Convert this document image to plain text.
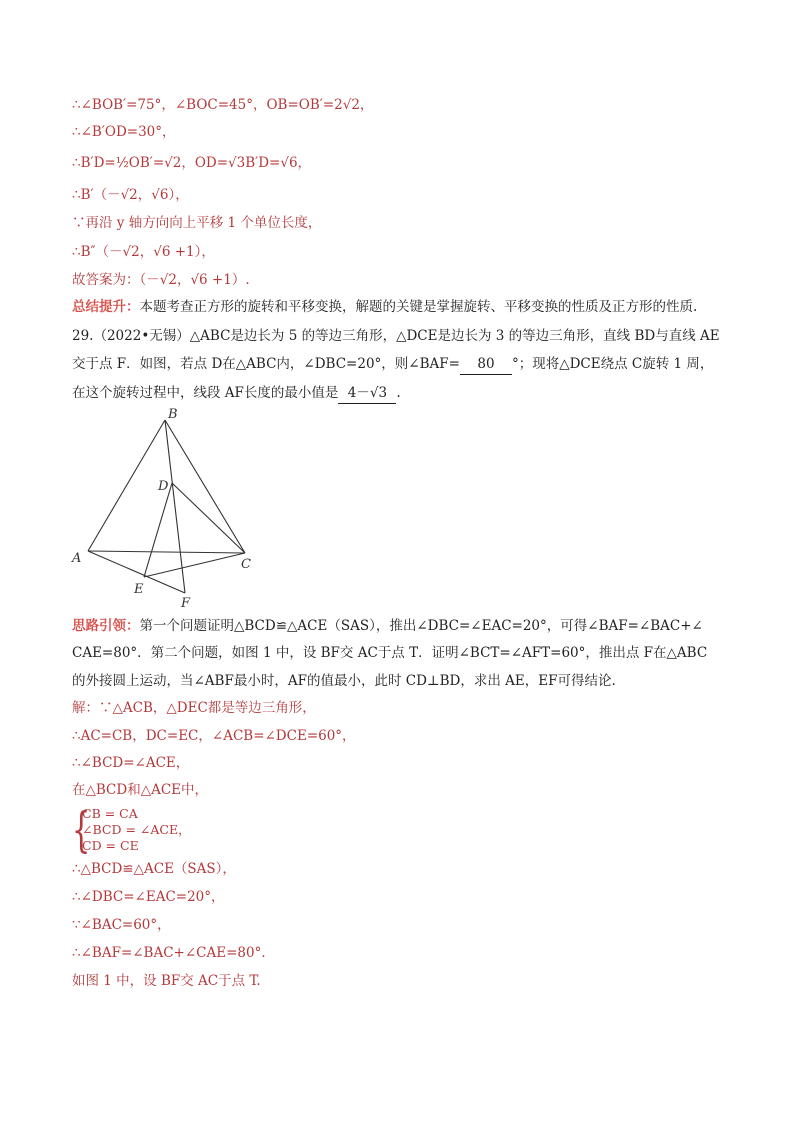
∴∠BOB′=75°，∠BOC=45°，OB=OB′=2√2，
∴∠B′OD=30°，
∴B′D=½OB′=√2，OD=√3B′D=√6，
∴B′（－√2，√6），
∵再沿 y 轴方向向上平移 1 个单位长度，
∴B″（－√2，√6 +1），
故答案为：（－√2，√6 +1）.
总结提升：本题考查正方形的旋转和平移变换，解题的关键是掌握旋转、平移变换的性质及正方形的性质.
29.（2022•无锡）△ABC是边长为 5 的等边三角形，△DCE是边长为 3 的等边三角形，直线 BD与直线 AE
交于点 F．如图，若点 D在△ABC内，∠DBC=20°，则∠BAF= 80 °；现将△DCE绕点 C旋转 1 周，
在这个旋转过程中，线段 AF长度的最小值是 4－√3 .
A
B
C
D
E
F
思路引领：第一个问题证明△BCD≌△ACE（SAS），推出∠DBC=∠EAC=20°，可得∠BAF=∠BAC+∠
CAE=80°．第二个问题，如图 1 中，设 BF交 AC于点 T．证明∠BCT=∠AFT=60°，推出点 F在△ABC
的外接圆上运动，当∠ABF最小时，AF的值最小，此时 CD⊥BD，求出 AE，EF可得结论.
解：∵△ACB，△DEC都是等边三角形，
∴AC=CB，DC=EC，∠ACB=∠DCE=60°，
∴∠BCD=∠ACE，
在△BCD和△ACE中，
{
CB = CA
∠BCD = ∠ACE，
CD = CE
∴△BCD≌△ACE（SAS），
∴∠DBC=∠EAC=20°，
∵∠BAC=60°，
∴∠BAF=∠BAC+∠CAE=80°．
如图 1 中，设 BF交 AC于点 T.
